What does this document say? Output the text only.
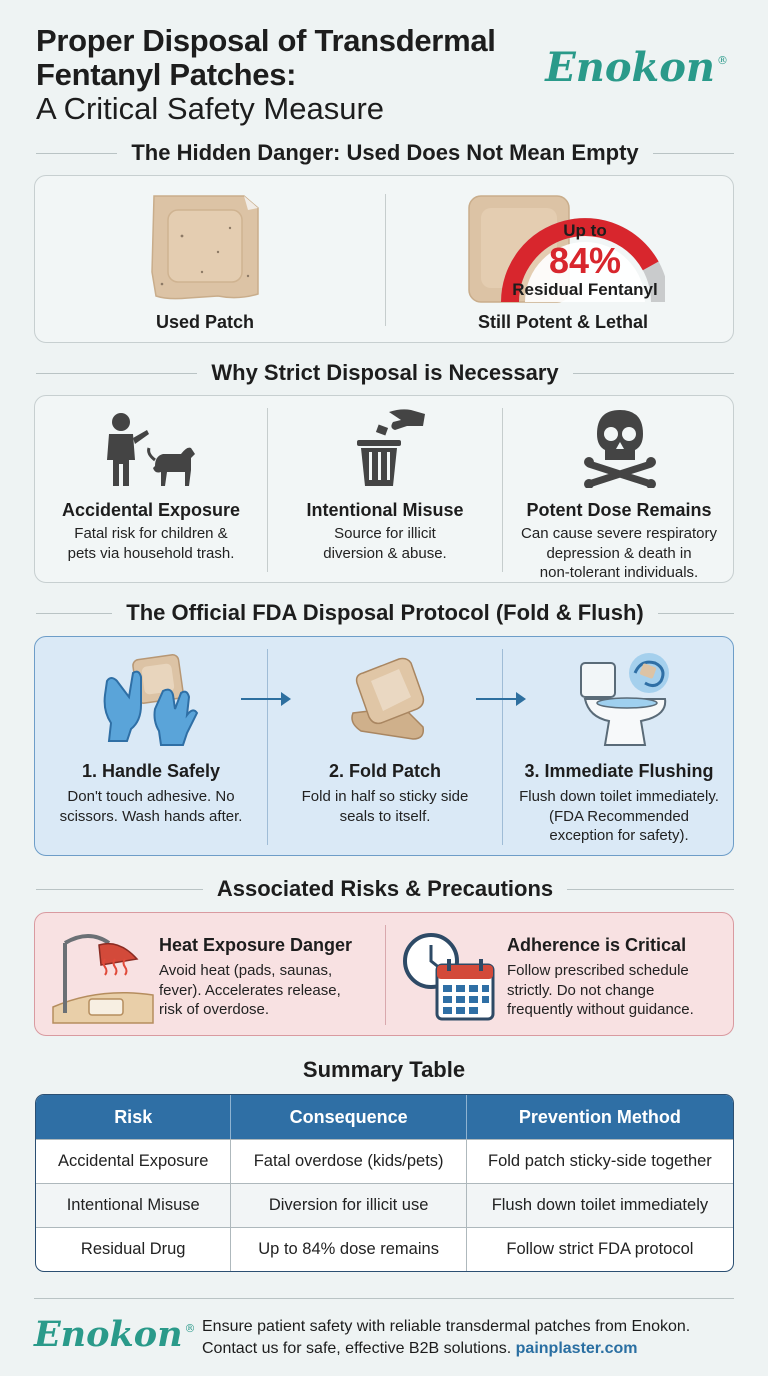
Proper Disposal of Transdermal
Fentanyl Patches:
A Critical Safety Measure
Enokon ®
The Hidden Danger: Used Does Not Mean Empty
Used Patch
Up to
84%
Residual Fentanyl
Still Potent & Lethal
Why Strict Disposal is Necessary
Accidental Exposure
Fatal risk for children &
pets via household trash.
Intentional Misuse
Source for illicit
diversion & abuse.
Potent Dose Remains
Can cause severe respiratory
depression & death in
non-tolerant individuals.
The Official FDA Disposal Protocol (Fold & Flush)
1. Handle Safely
Don't touch adhesive. No
scissors. Wash hands after.
2. Fold Patch
Fold in half so sticky side
seals to itself.
3. Immediate Flushing
Flush down toilet immediately.
(FDA Recommended
exception for safety).
Associated Risks & Precautions
Heat Exposure Danger
Avoid heat (pads, saunas,
fever). Accelerates release,
risk of overdose.
Adherence is Critical
Follow prescribed schedule
strictly. Do not change
frequently without guidance.
Summary Table
Risk	Consequence	Prevention Method
Accidental Exposure	Fatal overdose (kids/pets)	Fold patch sticky-side together
Intentional Misuse	Diversion for illicit use	Flush down toilet immediately
Residual Drug	Up to 84% dose remains	Follow strict FDA protocol
Enokon ® Ensure patient safety with reliable transdermal patches from Enokon.
Contact us for safe, effective B2B solutions. painplaster.com
